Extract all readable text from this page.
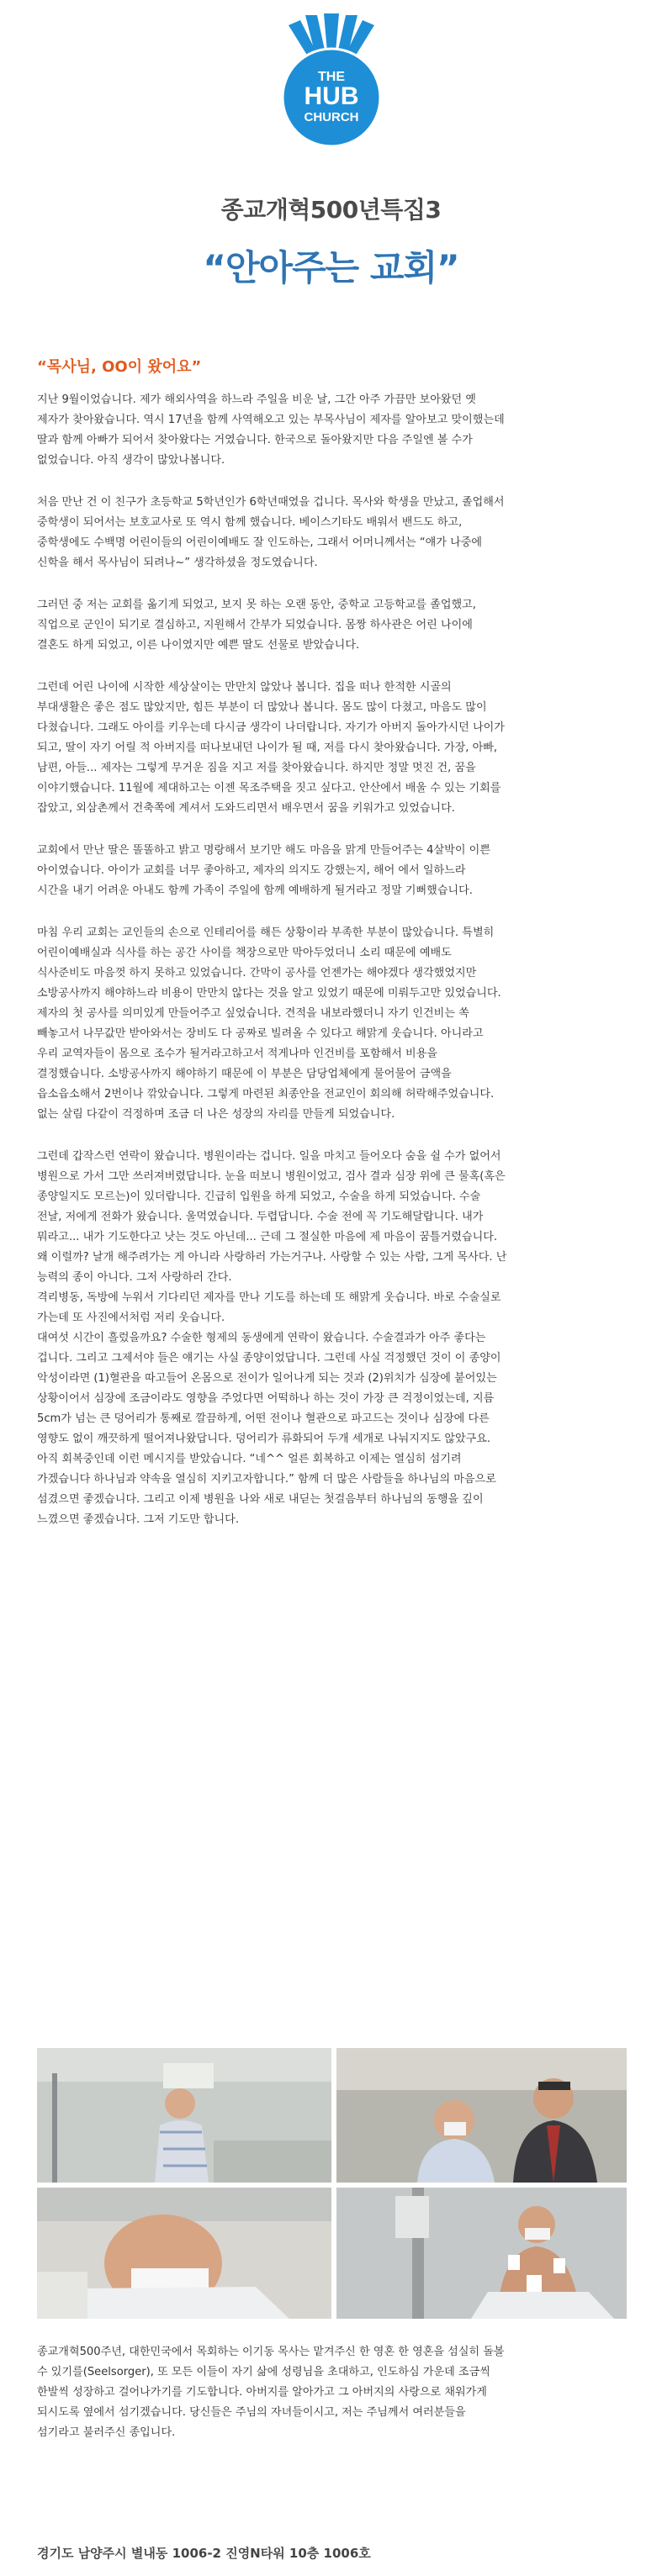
THE
HUB
CHURCH
종교개혁500년특집3
“안아주는 교회”
“목사님, OO이 왔어요”

지난 9월이었습니다. 제가 해외사역을 하느라 주일을 비운 날, 그간 아주 가끔만 보아왔던 옛
제자가 찾아왔습니다. 역시 17년을 함께 사역해오고 있는 부목사님이 제자를 알아보고 맞이했는데
딸과 함께 아빠가 되어서 찾아왔다는 거였습니다. 한국으로 돌아왔지만 다음 주일엔 볼 수가
없었습니다. 아직 생각이 많았나봅니다.

처음 만난 건 이 친구가 초등학교 5학년인가 6학년때였을 겁니다. 목사와 학생을 만났고, 졸업해서
중학생이 되어서는 보호교사로 또 역시 함께 했습니다. 베이스기타도 배워서 밴드도 하고,
중학생에도 수백명 어린이들의 어린이예배도 잘 인도하는, 그래서 어머니께서는 “얘가 나중에
신학을 해서 목사님이 되려나~” 생각하셨을 정도였습니다.

그러던 중 저는 교회를 옮기게 되었고, 보지 못 하는 오랜 동안, 중학교 고등학교를 졸업했고,
직업으로 군인이 되기로 결심하고, 지원해서 간부가 되었습니다. 몸짱 하사관은 어린 나이에
결혼도 하게 되었고, 이른 나이였지만 예쁜 딸도 선물로 받았습니다.

그런데 어린 나이에 시작한 세상살이는 만만치 않았나 봅니다. 집을 떠나 한적한 시골의
부대생활은 좋은 점도 많았지만, 힘든 부분이 더 많았나 봅니다. 몸도 많이 다쳤고, 마음도 많이
다쳤습니다. 그래도 아이를 키우는데 다시금 생각이 나더랍니다. 자기가 아버지 돌아가시던 나이가
되고, 딸이 자기 어릴 적 아버지를 떠나보내던 나이가 될 때, 저를 다시 찾아왔습니다. 가장, 아빠,
남편, 아들... 제자는 그렇게 무거운 짐을 지고 저를 찾아왔습니다. 하지만 정말 멋진 건, 꿈을
이야기했습니다. 11월에 제대하고는 이젠 목조주택을 짓고 싶다고. 안산에서 배울 수 있는 기회를
잡았고, 외삼촌께서 건축쪽에 계셔서 도와드리면서 배우면서 꿈을 키워가고 있었습니다.

교회에서 만난 딸은 똘똘하고 밝고 명랑해서 보기만 해도 마음을 맑게 만들어주는 4살박이 이쁜
아이였습니다. 아이가 교회를 너무 좋아하고, 제자의 의지도 강했는지, 해어 에서 일하느라
시간을 내기 어려운 아내도 함께 가족이 주일에 함께 예배하게 될거라고 정말 기뻐했습니다.

마침 우리 교회는 교인들의 손으로 인테리어를 해든 상황이라 부족한 부분이 많았습니다. 특별히
어린이예배실과 식사를 하는 공간 사이를 책장으로만 막아두었더니 소리 때문에 예배도
식사준비도 마음껏 하지 못하고 있었습니다. 간막이 공사를 언젠가는 해야겠다 생각했었지만
소방공사까지 해야하느라 비용이 만만치 않다는 것을 알고 있었기 때문에 미뤄두고만 있었습니다.
제자의 첫 공사를 의미있게 만들어주고 싶었습니다. 견적을 내보라했더니 자기 인건비는 쏙
빼놓고서 나무값만 받아와서는 장비도 다 공짜로 빌려올 수 있다고 해맑게 웃습니다. 아니라고
우리 교역자들이 몸으로 조수가 될거라고하고서 적게나마 인건비를 포함해서 비용을
결정했습니다. 소방공사까지 해야하기 때문에 이 부분은 담당업체에게 물어물어 금액을
읍소읍소해서 2번이나 깎았습니다. 그렇게 마련된 최종안을 전교인이 회의해 허락해주었습니다.
없는 살림 다같이 걱정하며 조금 더 나은 성장의 자리를 만들게 되었습니다.

그런데 갑작스런 연락이 왔습니다. 병원이라는 겁니다. 일을 마치고 들어오다 숨을 쉴 수가 없어서
병원으로 가서 그만 쓰러져버렸답니다. 눈을 떠보니 병원이었고, 검사 결과 심장 위에 큰 물혹(혹은
종양일지도 모르는)이 있더랍니다. 긴급히 입원을 하게 되었고, 수술을 하게 되었습니다. 수술
전날, 저에게 전화가 왔습니다. 울먹였습니다. 두렵답니다. 수술 전에 꼭 기도해달랍니다. 내가
뭐라고... 내가 기도한다고 낫는 것도 아닌데... 근데 그 절실한 마음에 제 마음이 꿈틀거렸습니다.
왜 이럴까? 날개 해주려가는 게 아니라 사랑하러 가는거구나. 사랑할 수 있는 사람, 그게 목사다. 난
능력의 종이 아니다. 그저 사랑하러 간다.
격리병동, 독방에 누워서 기다리던 제자를 만나 기도를 하는데 또 해맑게 웃습니다. 바로 수술실로
가는데 또 사진에서처럼 저리 웃습니다.
대여섯 시간이 흘렀을까요? 수술한 형제의 동생에게 연락이 왔습니다. 수술결과가 아주 좋다는
겁니다. 그리고 그제서야 들은 얘기는 사실 종양이었답니다. 그런데 사실 걱정했던 것이 이 종양이
악성이라면 (1)혈관을 따고들어 온몸으로 전이가 일어나게 되는 것과 (2)위치가 심장에 붙어있는
상황이어서 심장에 조금이라도 영향을 주었다면 어떡하나 하는 것이 가장 큰 걱정이었는데, 지름
5cm가 넘는 큰 덩어리가 통째로 깔끔하게, 어떤 전이나 혈관으로 파고드는 것이나 심장에 다른
영향도 없이 깨끗하게 떨어져나왔답니다. 덩어리가 류화되어 두개 세개로 나눠지지도 않았구요.
아직 회복중인데 이런 메시지를 받았습니다. “네^^ 얼른 회복하고 이제는 열심히 섬기려
가겠습니다 하나님과 약속을 열심히 지키고자합니다.” 함께 더 많은 사람들을 하나님의 마음으로
섬겼으면 좋겠습니다. 그리고 이제 병원을 나와 새로 내딛는 첫걸음부터 하나님의 동행을 깊이
느꼈으면 좋겠습니다. 그저 기도만 합니다.

종교개혁500주년, 대한민국에서 목회하는 이기동 목사는 맡겨주신 한 영혼 한 영혼을 섬실히 돌볼
수 있기를(Seelsorger), 또 모든 이들이 자기 삶에 성령님을 초대하고, 인도하심 가운데 조금씩
한발씩 성장하고 걸어나가기를 기도합니다. 아버지를 알아가고 그 아버지의 사랑으로 채워가게
되시도록 옆에서 섬기겠습니다. 당신들은 주님의 자녀들이시고, 저는 주님께서 여러분들을
섬기라고 불러주신 종입니다.

경기도 남양주시 별내동 1006-2 진영N타워 10층 1006호
